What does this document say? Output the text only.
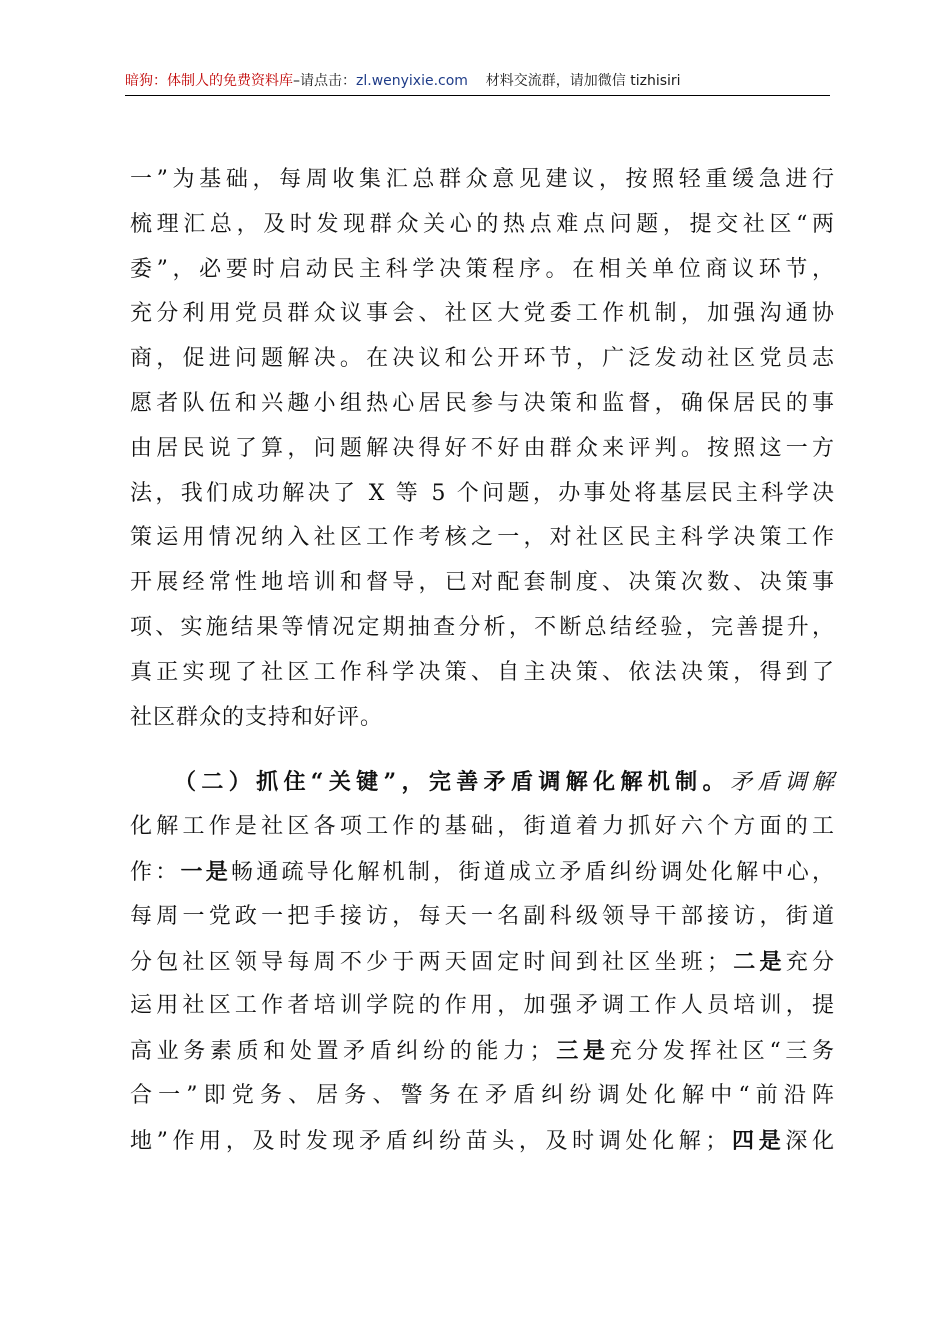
暗狗：体制人的免费资料库–请点击：zl.wenyixie.com 材料交流群，请加微信 tizhisiri
一”为基础，每周收集汇总群众意见建议，按照轻重缓急进行
梳理汇总，及时发现群众关心的热点难点问题，提交社区“两
委”，必要时启动民主科学决策程序。在相关单位商议环节，
充分利用党员群众议事会、社区大党委工作机制，加强沟通协
商，促进问题解决。在决议和公开环节，广泛发动社区党员志
愿者队伍和兴趣小组热心居民参与决策和监督，确保居民的事
由居民说了算，问题解决得好不好由群众来评判。按照这一方
法，我们成功解决了 X 等 5 个问题，办事处将基层民主科学决
策运用情况纳入社区工作考核之一，对社区民主科学决策工作
开展经常性地培训和督导，已对配套制度、决策次数、决策事
项、实施结果等情况定期抽查分析，不断总结经验，完善提升，
真正实现了社区工作科学决策、自主决策、依法决策，得到了
社区群众的支持和好评。
（二）抓住“关键”，完善矛盾调解化解机制。矛盾调解
化解工作是社区各项工作的基础，街道着力抓好六个方面的工
作：一是畅通疏导化解机制，街道成立矛盾纠纷调处化解中心，
每周一党政一把手接访，每天一名副科级领导干部接访，街道
分包社区领导每周不少于两天固定时间到社区坐班；二是充分
运用社区工作者培训学院的作用，加强矛调工作人员培训，提
高业务素质和处置矛盾纠纷的能力；三是充分发挥社区“三务
合一”即党务、居务、警务在矛盾纠纷调处化解中“前沿阵
地”作用，及时发现矛盾纠纷苗头，及时调处化解；四是深化
